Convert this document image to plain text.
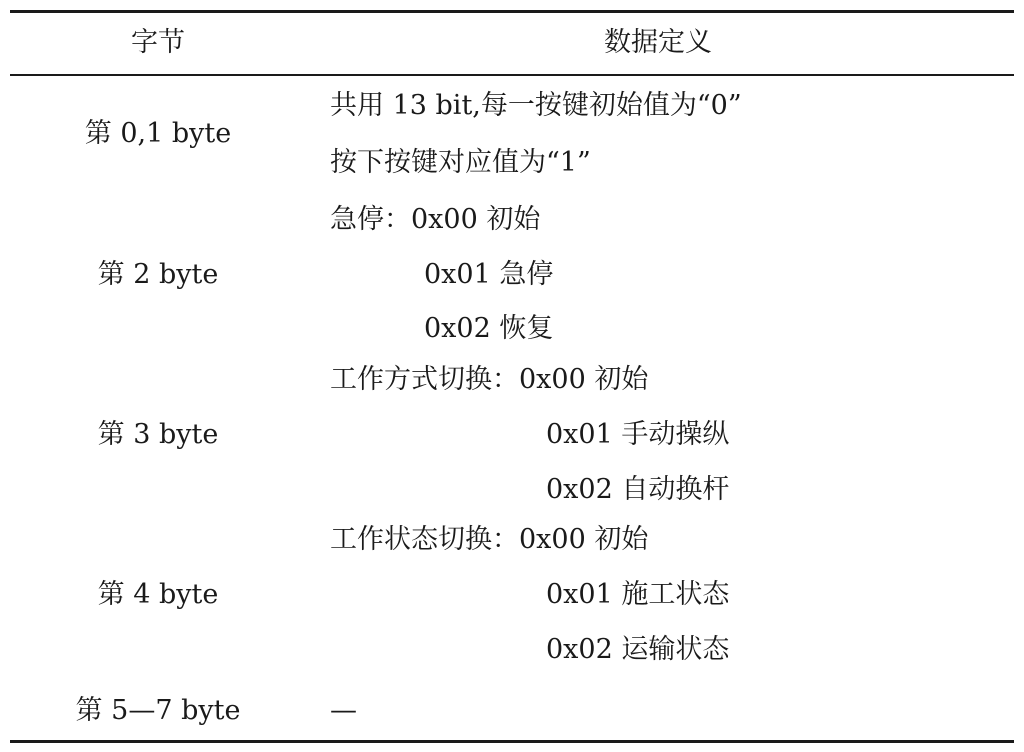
字节	数据定义
第 0,1 byte
共用 13 bit,每一按键初始值为“0”
按下按键对应值为“1”
第 2 byte
急停：0x00 初始
0x01 急停
0x02 恢复
第 3 byte
工作方式切换：0x00 初始
0x01 手动操纵
0x02 自动换杆
第 4 byte
工作状态切换：0x00 初始
0x01 施工状态
0x02 运输状态
第 5—7 byte	—
